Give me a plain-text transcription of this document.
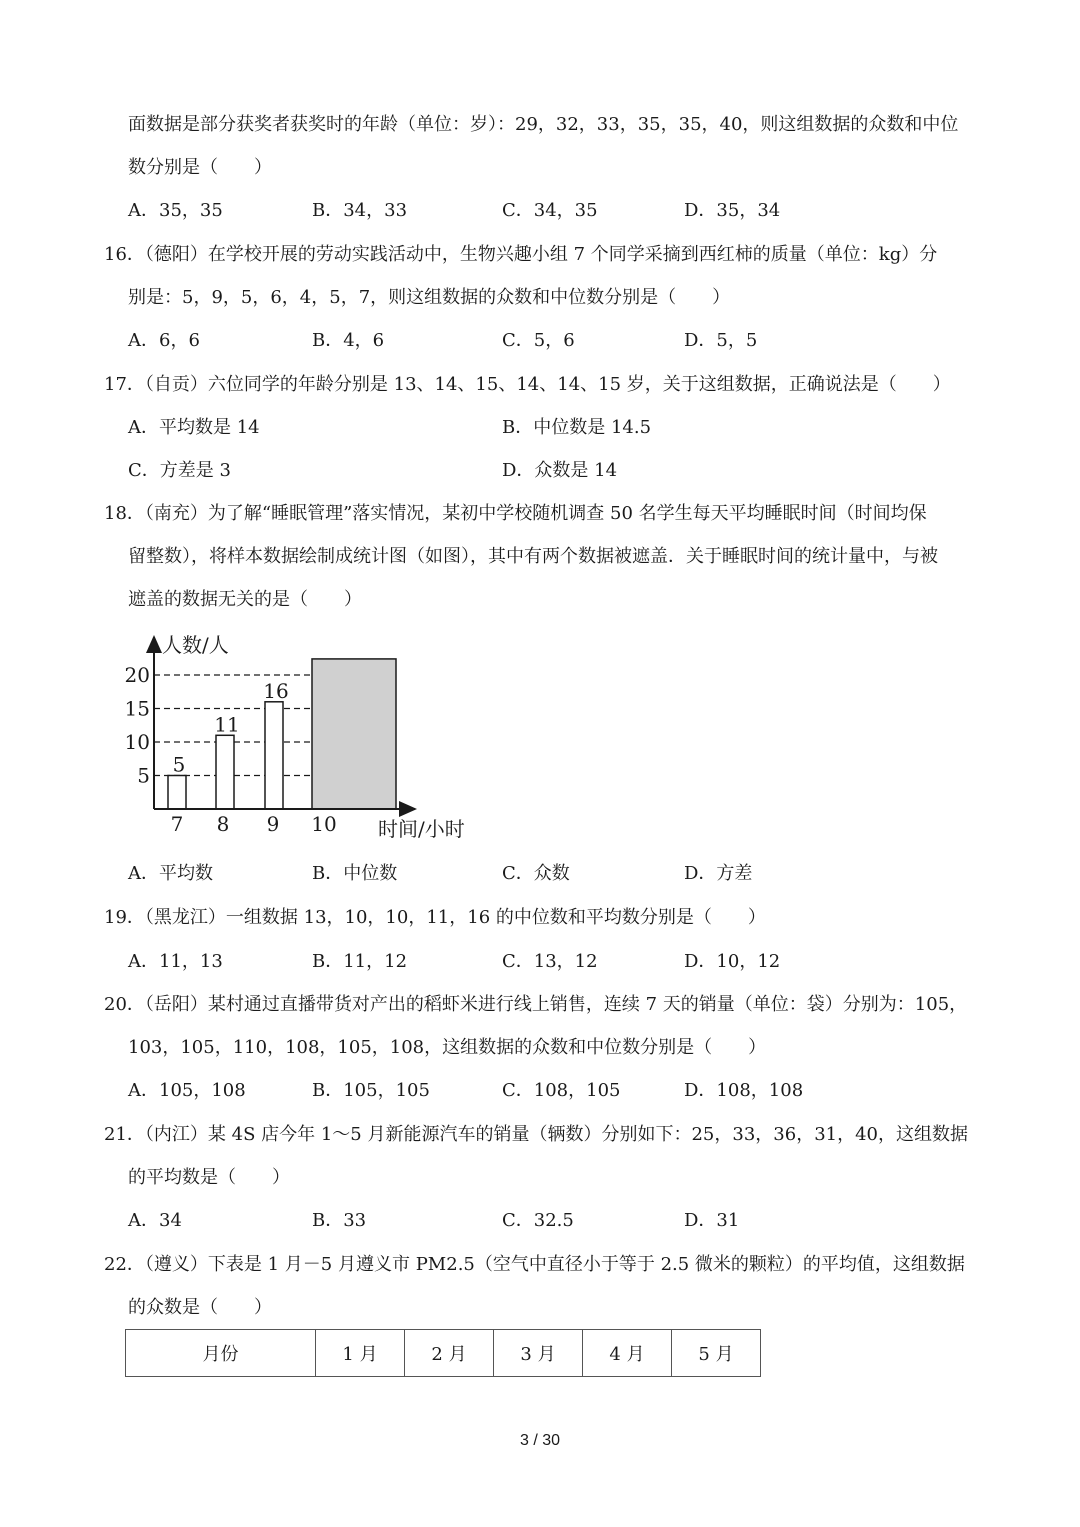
面数据是部分获奖者获奖时的年龄（单位：岁）：29，32，33，35，35，40，则这组数据的众数和中位
数分别是（　　）
A．35，35	B．34，33	C．34，35	D．35，34
16．（德阳）在学校开展的劳动实践活动中，生物兴趣小组 7 个同学采摘到西红柿的质量（单位：kg）分
别是：5，9，5，6，4，5，7，则这组数据的众数和中位数分别是（　　）
A．6，6	B．4，6	C．5，6	D．5，5
17．（自贡）六位同学的年龄分别是 13、14、15、14、14、15 岁，关于这组数据，正确说法是（　　）
A．平均数是 14	B．中位数是 14.5
C．方差是 3	D．众数是 14
18．（南充）为了解“睡眠管理”落实情况，某初中学校随机调查 50 名学生每天平均睡眠时间（时间均保
留整数），将样本数据绘制成统计图（如图），其中有两个数据被遮盖．关于睡眠时间的统计量中，与被
遮盖的数据无关的是（　　）
人数/人
时间/小时
5
10
15
20
7 8 9 10
5
11
16
A．平均数	B．中位数	C．众数	D．方差
19．（黑龙江）一组数据 13，10，10，11，16 的中位数和平均数分别是（　　）
A．11，13	B．11，12	C．13，12	D．10，12
20．（岳阳）某村通过直播带货对产出的稻虾米进行线上销售，连续 7 天的销量（单位：袋）分别为：105，
103，105，110，108，105，108，这组数据的众数和中位数分别是（　　）
A．105，108	B．105，105	C．108，105	D．108，108
21．（内江）某 4S 店今年 1～5 月新能源汽车的销量（辆数）分别如下：25，33，36，31，40，这组数据
的平均数是（　　）
A．34	B．33	C．32.5	D．31
22．（遵义）下表是 1 月－5 月遵义市 PM2.5（空气中直径小于等于 2.5 微米的颗粒）的平均值，这组数据
的众数是（　　）
月份	1 月	2 月	3 月	4 月	5 月
3 / 30
